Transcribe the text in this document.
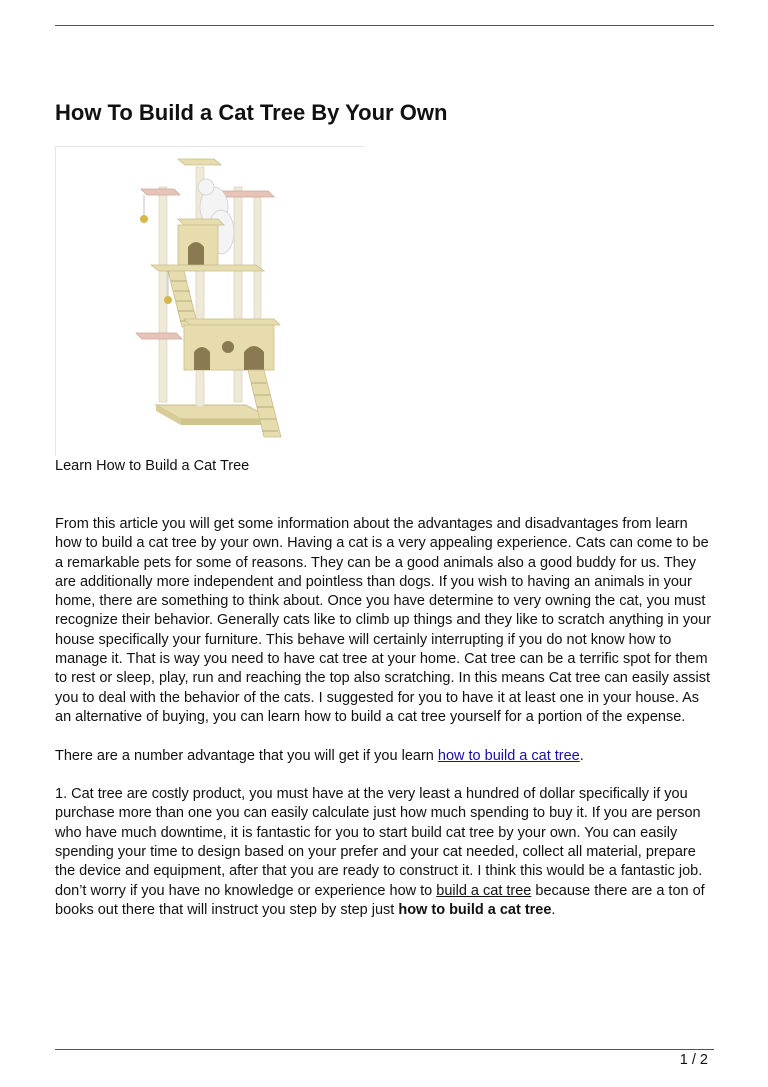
How To Build a Cat Tree By Your Own

Learn How to Build a Cat Tree

From this article you will get some information about the advantages and disadvantages from learn how to build a cat tree by your own. Having a cat is a very appealing experience. Cats can come to be a remarkable pets for some of reasons. They can be a good animals also a good buddy for us. They are additionally more independent and pointless than dogs. If you wish to having an animals in your home, there are something to think about. Once you have determine to very owning the cat, you must recognize their behavior. Generally cats like to climb up things and they like to scratch anything in your house specifically your furniture. This behave will certainly interrupting if you do not know how to manage it. That is way you need to have cat tree at your home. Cat tree can be a terrific spot for them to rest or sleep, play, run and reaching the top also scratching. In this means Cat tree can easily assist you to deal with the behavior of the cats. I suggested for you to have it at least one in your house. As an alternative of buying, you can learn how to build a cat tree yourself for a portion of the expense.

There are a number advantage that you will get if you learn how to build a cat tree.

1. Cat tree are costly product, you must have at the very least a hundred of dollar specifically if you purchase more than one you can easily calculate just how much spending to buy it. If you are person who have much downtime, it is fantastic for you to start build cat tree by your own. You can easily spending your time to design based on your prefer and your cat needed, collect all material, prepare the device and equipment, after that you are ready to construct it. I think this would be a fantastic job. don’t worry if you have no knowledge or experience how to build a cat tree because there are a ton of books out there that will instruct you step by step just how to build a cat tree.

1 / 2
